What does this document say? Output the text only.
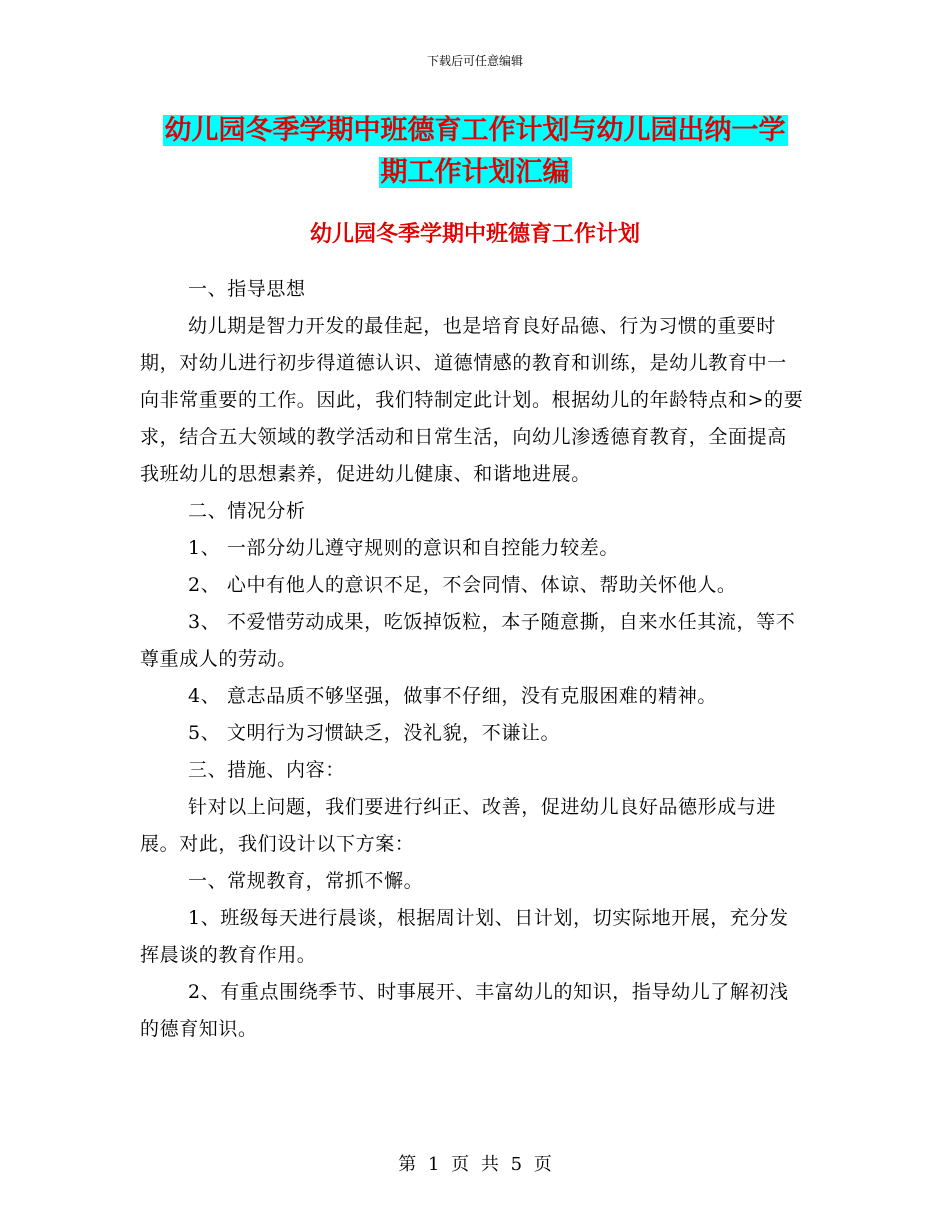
下载后可任意编辑
幼儿园冬季学期中班德育工作计划与幼儿园出纳一学
期工作计划汇编
幼儿园冬季学期中班德育工作计划

一、指导思想

幼儿期是智力开发的最佳起，也是培育良好品德、行为习惯的重要时期，对幼儿进行初步得道德认识、道德情感的教育和训练，是幼儿教育中一向非常重要的工作。因此，我们特制定此计划。根据幼儿的年龄特点和>的要求，结合五大领域的教学活动和日常生活，向幼儿渗透德育教育，全面提高我班幼儿的思想素养，促进幼儿健康、和谐地进展。

二、情况分析

1、 一部分幼儿遵守规则的意识和自控能力较差。

2、 心中有他人的意识不足，不会同情、体谅、帮助关怀他人。

3、 不爱惜劳动成果，吃饭掉饭粒，本子随意撕，自来水任其流，等不尊重成人的劳动。

4、 意志品质不够坚强，做事不仔细，没有克服困难的精神。

5、 文明行为习惯缺乏，没礼貌，不谦让。

三、措施、内容：

针对以上问题，我们要进行纠正、改善，促进幼儿良好品德形成与进展。对此，我们设计以下方案：

一、常规教育，常抓不懈。

1、班级每天进行晨谈，根据周计划、日计划，切实际地开展，充分发挥晨谈的教育作用。

2、有重点围绕季节、时事展开、丰富幼儿的知识，指导幼儿了解初浅的德育知识。

第 1 页 共 5 页
